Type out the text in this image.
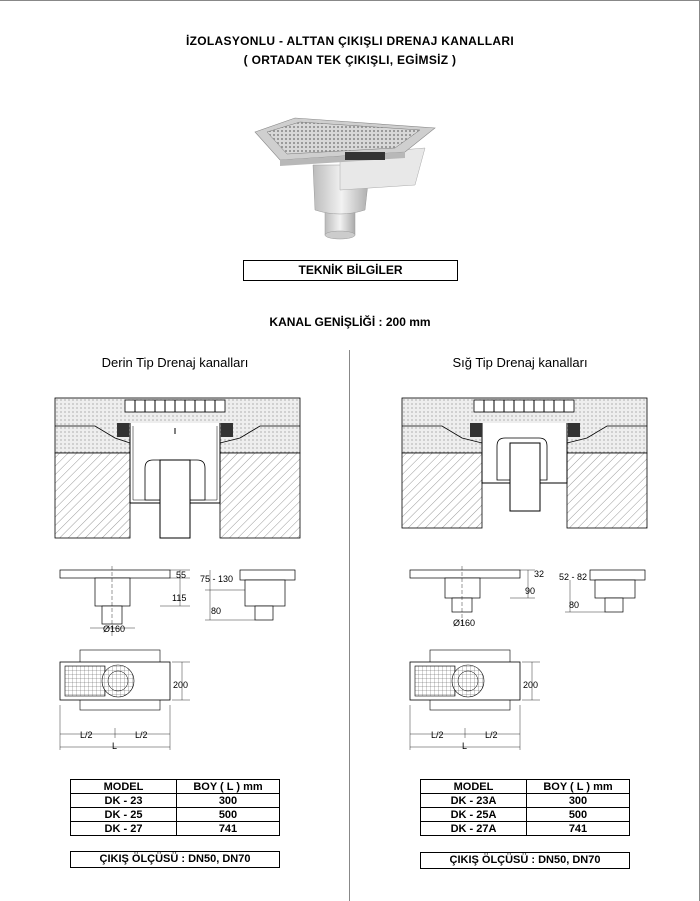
İZOLASYONLU - ALTTAN ÇIKIŞLI DRENAJ KANALLARI
( ORTADAN TEK ÇIKIŞLI, EGİMSİZ )
TEKNİK BİLGİLER
KANAL GENİŞLİĞİ : 200 mm
Derin Tip Drenaj kanalları	Sığ Tip Drenaj kanalları
55
115
Ø160
75 - 130
80
200
L/2	L/2
L
32
90
Ø160
52 - 82
80
200
L/2	L/2
L
MODEL	BOY ( L ) mm
DK - 23	300
DK - 25	500
DK - 27	741
ÇIKIŞ ÖLÇÜSÜ : DN50, DN70
MODEL	BOY ( L ) mm
DK - 23A	300
DK - 25A	500
DK - 27A	741
ÇIKIŞ ÖLÇÜSÜ : DN50, DN70
